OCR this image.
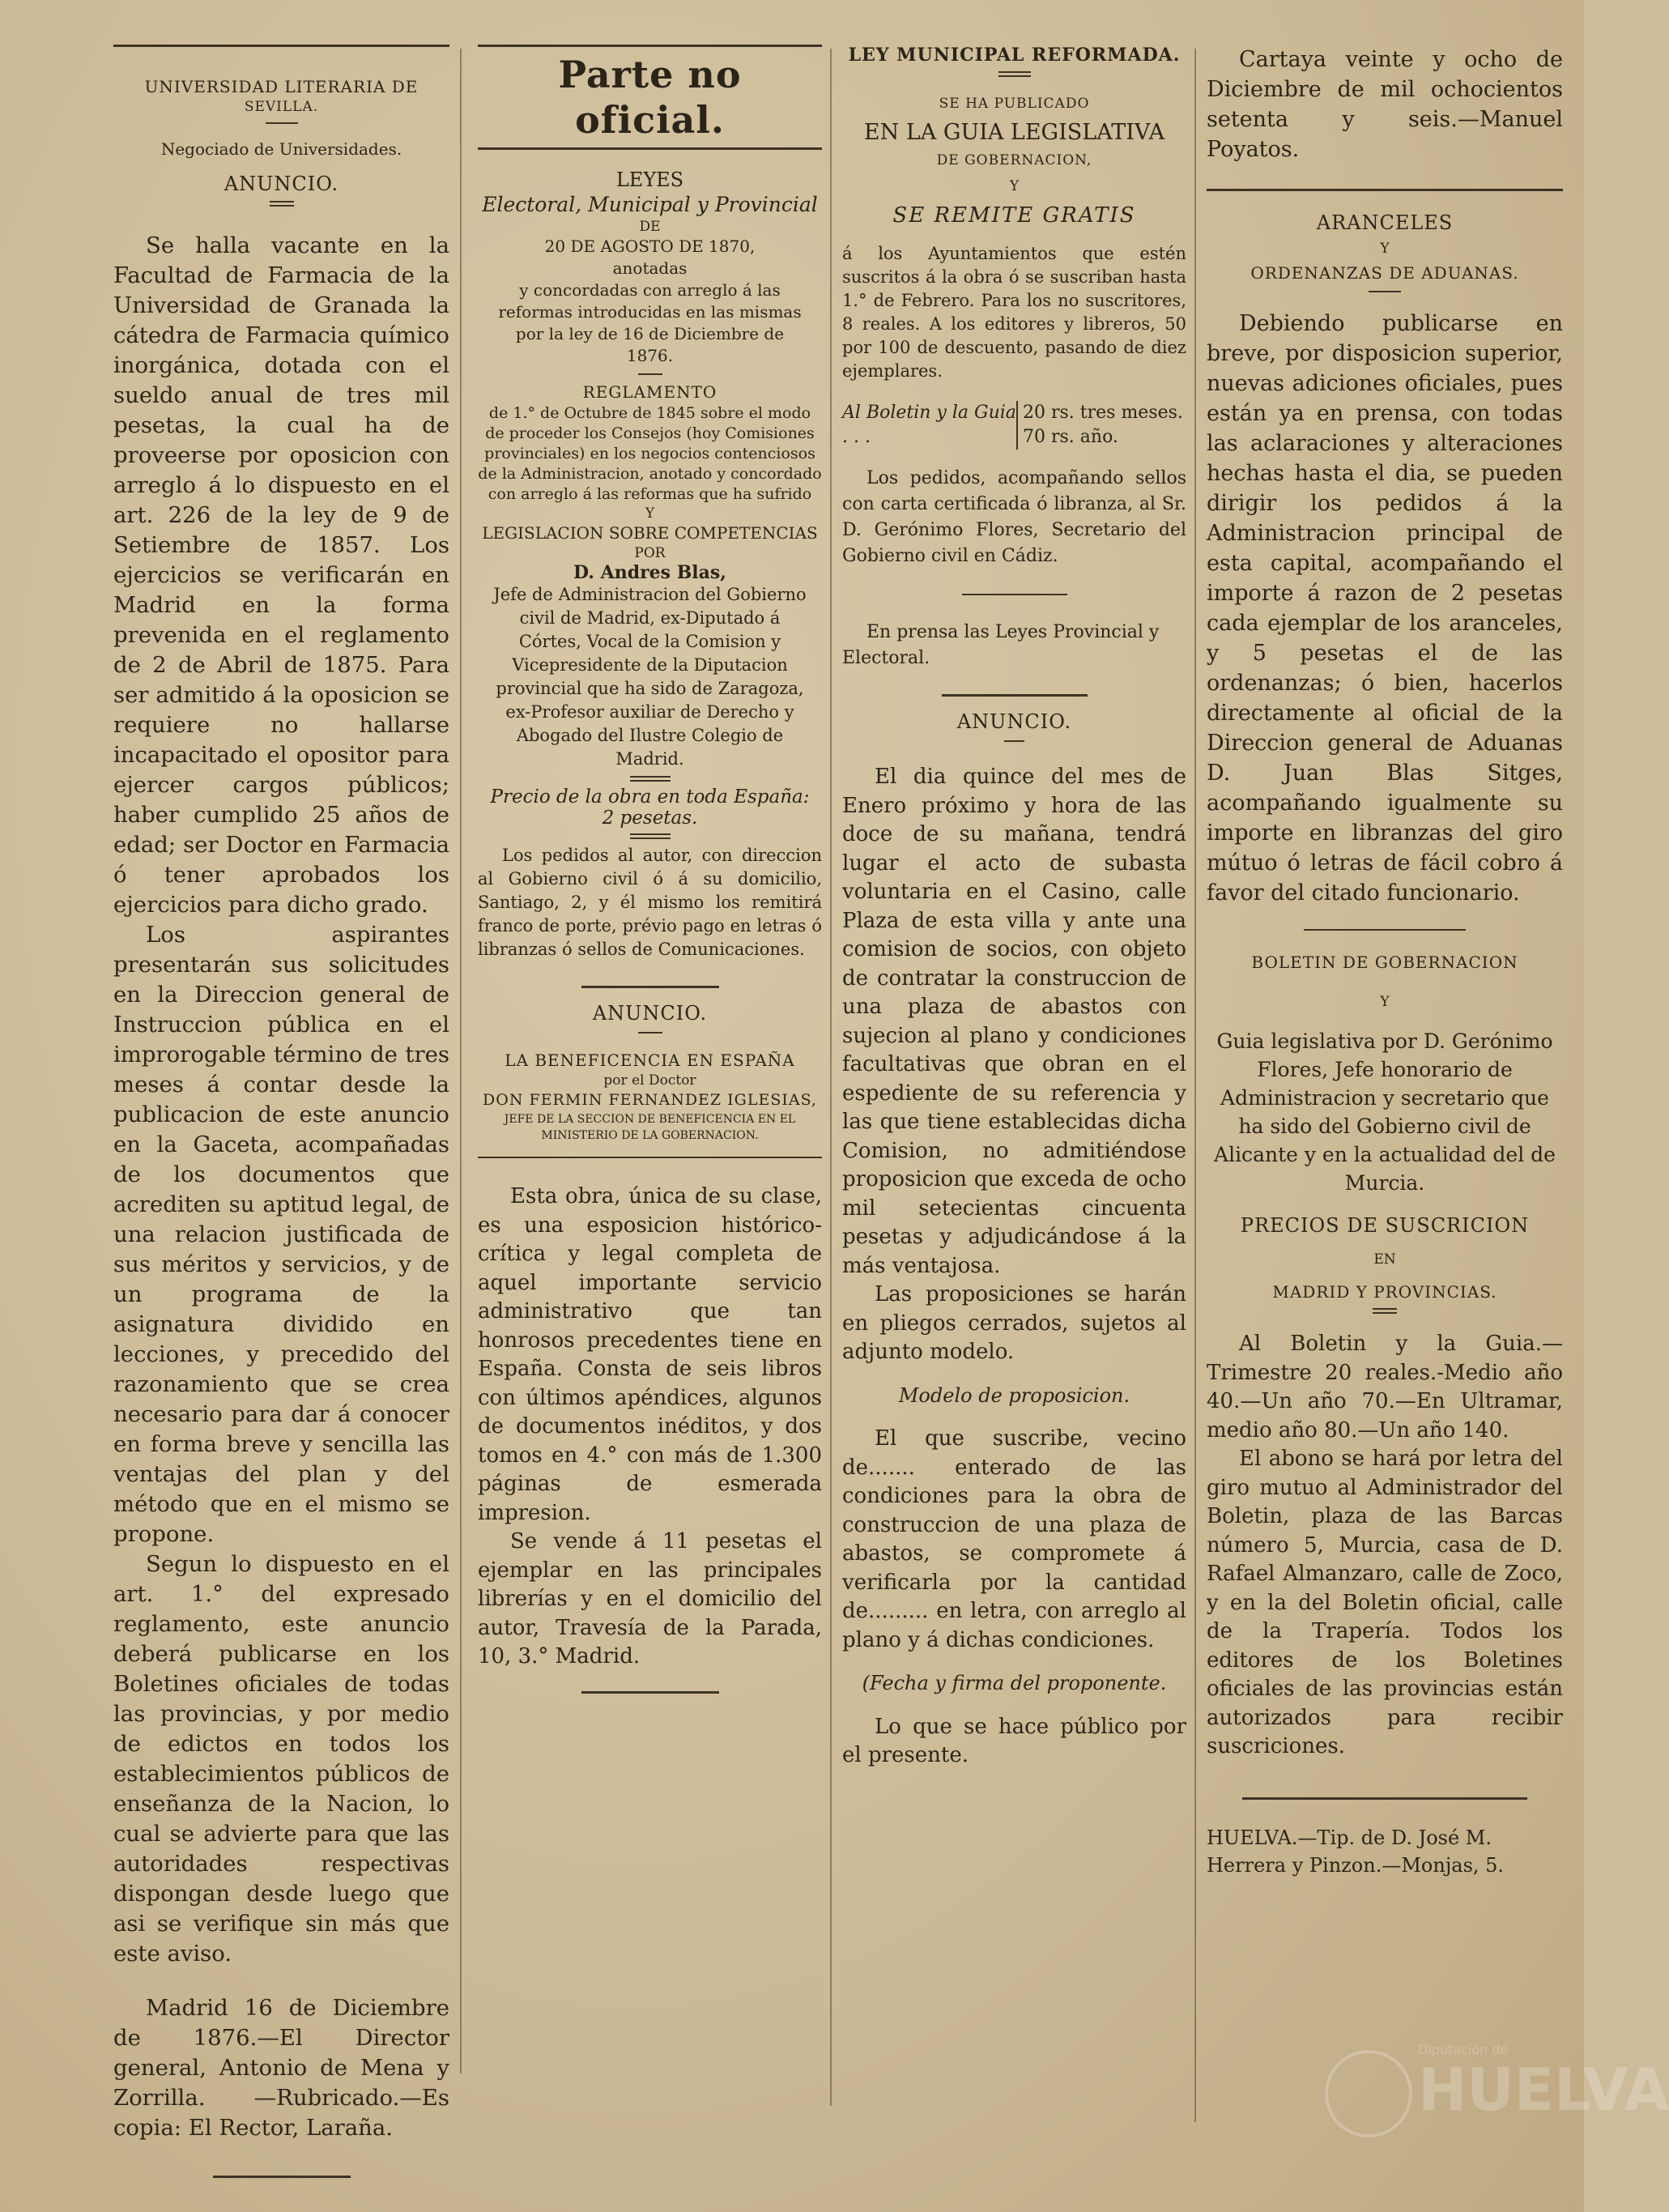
UNIVERSIDAD LITERARIA DE
SEVILLA.
Negociado de Universidades.
ANUNCIO.

Se halla vacante en la Facultad de Farmacia de la Universidad de Granada la cátedra de Farmacia químico inorgánica, dotada con el sueldo anual de tres mil pesetas, la cual ha de proveerse por oposicion con arreglo á lo dispuesto en el art. 226 de la ley de 9 de Setiembre de 1857. Los ejercicios se verificarán en Madrid en la forma prevenida en el reglamento de 2 de Abril de 1875. Para ser admitido á la oposicion se requiere no hallarse incapacitado el opositor para ejercer cargos públicos; haber cumplido 25 años de edad; ser Doctor en Farmacia ó tener aprobados los ejercicios para dicho grado.

Los aspirantes presentarán sus solicitudes en la Direccion general de Instruccion pública en el improrogable término de tres meses á contar desde la publicacion de este anuncio en la Gaceta, acompañadas de los documentos que acrediten su aptitud legal, de una relacion justificada de sus méritos y servicios, y de un programa de la asignatura dividido en lecciones, y precedido del razonamiento que se crea necesario para dar á conocer en forma breve y sencilla las ventajas del plan y del método que en el mismo se propone.

Segun lo dispuesto en el art. 1.° del expresado reglamento, este anuncio deberá publicarse en los Boletines oficiales de todas las provincias, y por medio de edictos en todos los establecimientos públicos de enseñanza de la Nacion, lo cual se advierte para que las autoridades respectivas dispongan desde luego que asi se verifique sin más que este aviso.

Madrid 16 de Diciembre de 1876.—El Director general, Antonio de Mena y Zorrilla. —Rubricado.—Es copia: El Rector, Laraña.

Parte no oficial.
LEYES
Electoral, Municipal y Provincial
DE
20 DE AGOSTO DE 1870,
anotadas
y concordadas con arreglo á las reformas introducidas en las mismas por la ley de 16 de Diciembre de 1876.
REGLAMENTO
de 1.° de Octubre de 1845 sobre el modo de proceder los Consejos (hoy Comisiones provinciales) en los negocios contenciosos de la Administracion, anotado y concordado con arreglo á las reformas que ha sufrido
Y
LEGISLACION SOBRE COMPETENCIAS
POR
D. Andres Blas,
Jefe de Administracion del Gobierno civil de Madrid, ex-Diputado á Córtes, Vocal de la Comision y Vicepresidente de la Diputacion provincial que ha sido de Zaragoza, ex-Profesor auxiliar de Derecho y Abogado del Ilustre Colegio de Madrid.
Precio de la obra en toda España:
2 pesetas.
Los pedidos al autor, con direccion al Gobierno civil ó á su domicilio, Santiago, 2, y él mismo los remitirá franco de porte, prévio pago en letras ó libranzas ó sellos de Comunicaciones.
ANUNCIO.
LA BENEFICENCIA EN ESPAÑA
por el Doctor
DON FERMIN FERNANDEZ IGLESIAS,
JEFE DE LA SECCION DE BENEFICENCIA EN EL MINISTERIO DE LA GOBERNACION.

Esta obra, única de su clase, es una esposicion histórico-crítica y legal completa de aquel importante servicio administrativo que tan honrosos precedentes tiene en España. Consta de seis libros con últimos apéndices, algunos de documentos inéditos, y dos tomos en 4.° con más de 1.300 páginas de esmerada impresion.

Se vende á 11 pesetas el ejemplar en las principales librerías y en el domicilio del autor, Travesía de la Parada, 10, 3.° Madrid.

LEY MUNICIPAL REFORMADA.
SE HA PUBLICADO
EN LA GUIA LEGISLATIVA
DE GOBERNACION,
Y
SE REMITE GRATIS
á los Ayuntamientos que estén suscritos á la obra ó se suscriban hasta 1.° de Febrero. Para los no suscritores, 8 reales. A los editores y libreros, 50 por 100 de descuento, pasando de diez ejemplares.
Al Boletin y la Guia . . .
20 rs. tres meses.
70 rs. año.
Los pedidos, acompañando sellos con carta certificada ó libranza, al Sr. D. Gerónimo Flores, Secretario del Gobierno civil en Cádiz.
En prensa las Leyes Provincial y Electoral.
ANUNCIO.

El dia quince del mes de Enero próximo y hora de las doce de su mañana, tendrá lugar el acto de subasta voluntaria en el Casino, calle Plaza de esta villa y ante una comision de socios, con objeto de contratar la construccion de una plaza de abastos con sujecion al plano y condiciones facultativas que obran en el espediente de su referencia y las que tiene establecidas dicha Comision, no admitiéndose proposicion que exceda de ocho mil setecientas cincuenta pesetas y adjudicándose á la más ventajosa.

Las proposiciones se harán en pliegos cerrados, sujetos al adjunto modelo.

Modelo de proposicion.

El que suscribe, vecino de....... enterado de las condiciones para la obra de construccion de una plaza de abastos, se compromete á verificarla por la cantidad de......... en letra, con arreglo al plano y á dichas condiciones.

(Fecha y firma del proponente.

Lo que se hace público por el presente.

Cartaya veinte y ocho de Diciembre de mil ochocientos setenta y seis.—Manuel Poyatos.

ARANCELES
Y
ORDENANZAS DE ADUANAS.

Debiendo publicarse en breve, por disposicion superior, nuevas adiciones oficiales, pues están ya en prensa, con todas las aclaraciones y alteraciones hechas hasta el dia, se pueden dirigir los pedidos á la Administracion principal de esta capital, acompañando el importe á razon de 2 pesetas cada ejemplar de los aranceles, y 5 pesetas el de las ordenanzas; ó bien, hacerlos directamente al oficial de la Direccion general de Aduanas D. Juan Blas Sitges, acompañando igualmente su importe en libranzas del giro mútuo ó letras de fácil cobro á favor del citado funcionario.

BOLETIN DE GOBERNACION
Y
Guia legislativa por D. Gerónimo Flores, Jefe honorario de Administracion y secretario que ha sido del Gobierno civil de Alicante y en la actualidad del de Murcia.
PRECIOS DE SUSCRICION
EN
MADRID Y PROVINCIAS.

Al Boletin y la Guia.—Trimestre 20 reales.-Medio año 40.—Un año 70.—En Ultramar, medio año 80.—Un año 140.

El abono se hará por letra del giro mutuo al Administrador del Boletin, plaza de las Barcas número 5, Murcia, casa de D. Rafael Almanzaro, calle de Zoco, y en la del Boletin oficial, calle de la Trapería. Todos los editores de los Boletines oficiales de las provincias están autorizados para recibir suscriciones.

HUELVA.—Tip. de D. José M. Herrera y Pinzon.—Monjas, 5.
Diputación de
HUELVA
